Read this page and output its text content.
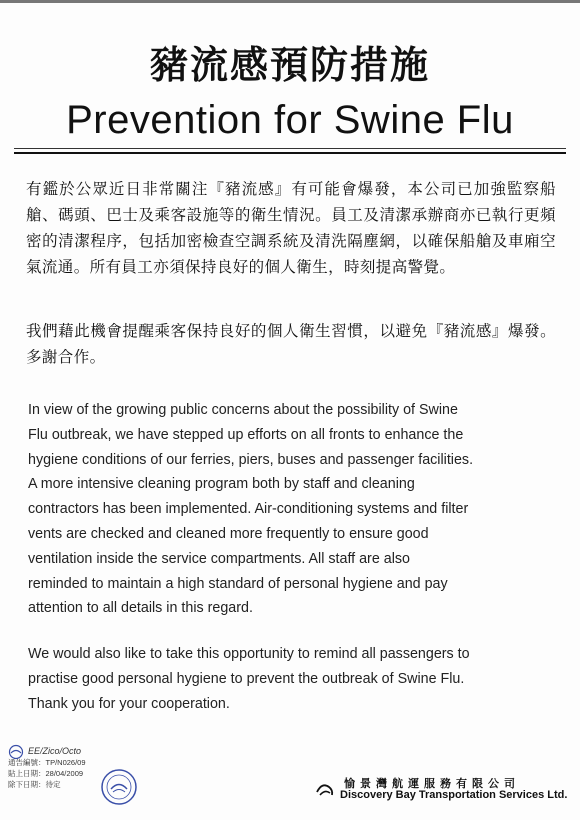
豬流感預防措施
Prevention for Swine Flu
有鑑於公眾近日非常關注『豬流感』有可能會爆發，本公司已加強監察船艙、碼頭、巴士及乘客設施等的衛生情況。員工及清潔承辦商亦已執行更頻密的清潔程序，包括加密檢查空調系統及清洗隔塵網，以確保船艙及車廂空氣流通。所有員工亦須保持良好的個人衛生，時刻提高警覺。
我們藉此機會提醒乘客保持良好的個人衛生習慣，以避免『豬流感』爆發。多謝合作。
In view of the growing public concerns about the possibility of Swine
Flu outbreak, we have stepped up efforts on all fronts to enhance the
hygiene conditions of our ferries, piers, buses and passenger facilities.
A more intensive cleaning program both by staff and cleaning
contractors has been implemented. Air-conditioning systems and filter
vents are checked and cleaned more frequently to ensure good
ventilation inside the service compartments. All staff are also
reminded to maintain a high standard of personal hygiene and pay
attention to all details in this regard.
We would also like to take this opportunity to remind all passengers to
practise good personal hygiene to prevent the outbreak of Swine Flu.
Thank you for your cooperation.
EE/Zico/Octo
通告編號：TP/N026/09
貼上日期：28/04/2009
除下日期：待定	愉景灣航運服務有限公司
Discovery Bay Transportation Services Ltd.
